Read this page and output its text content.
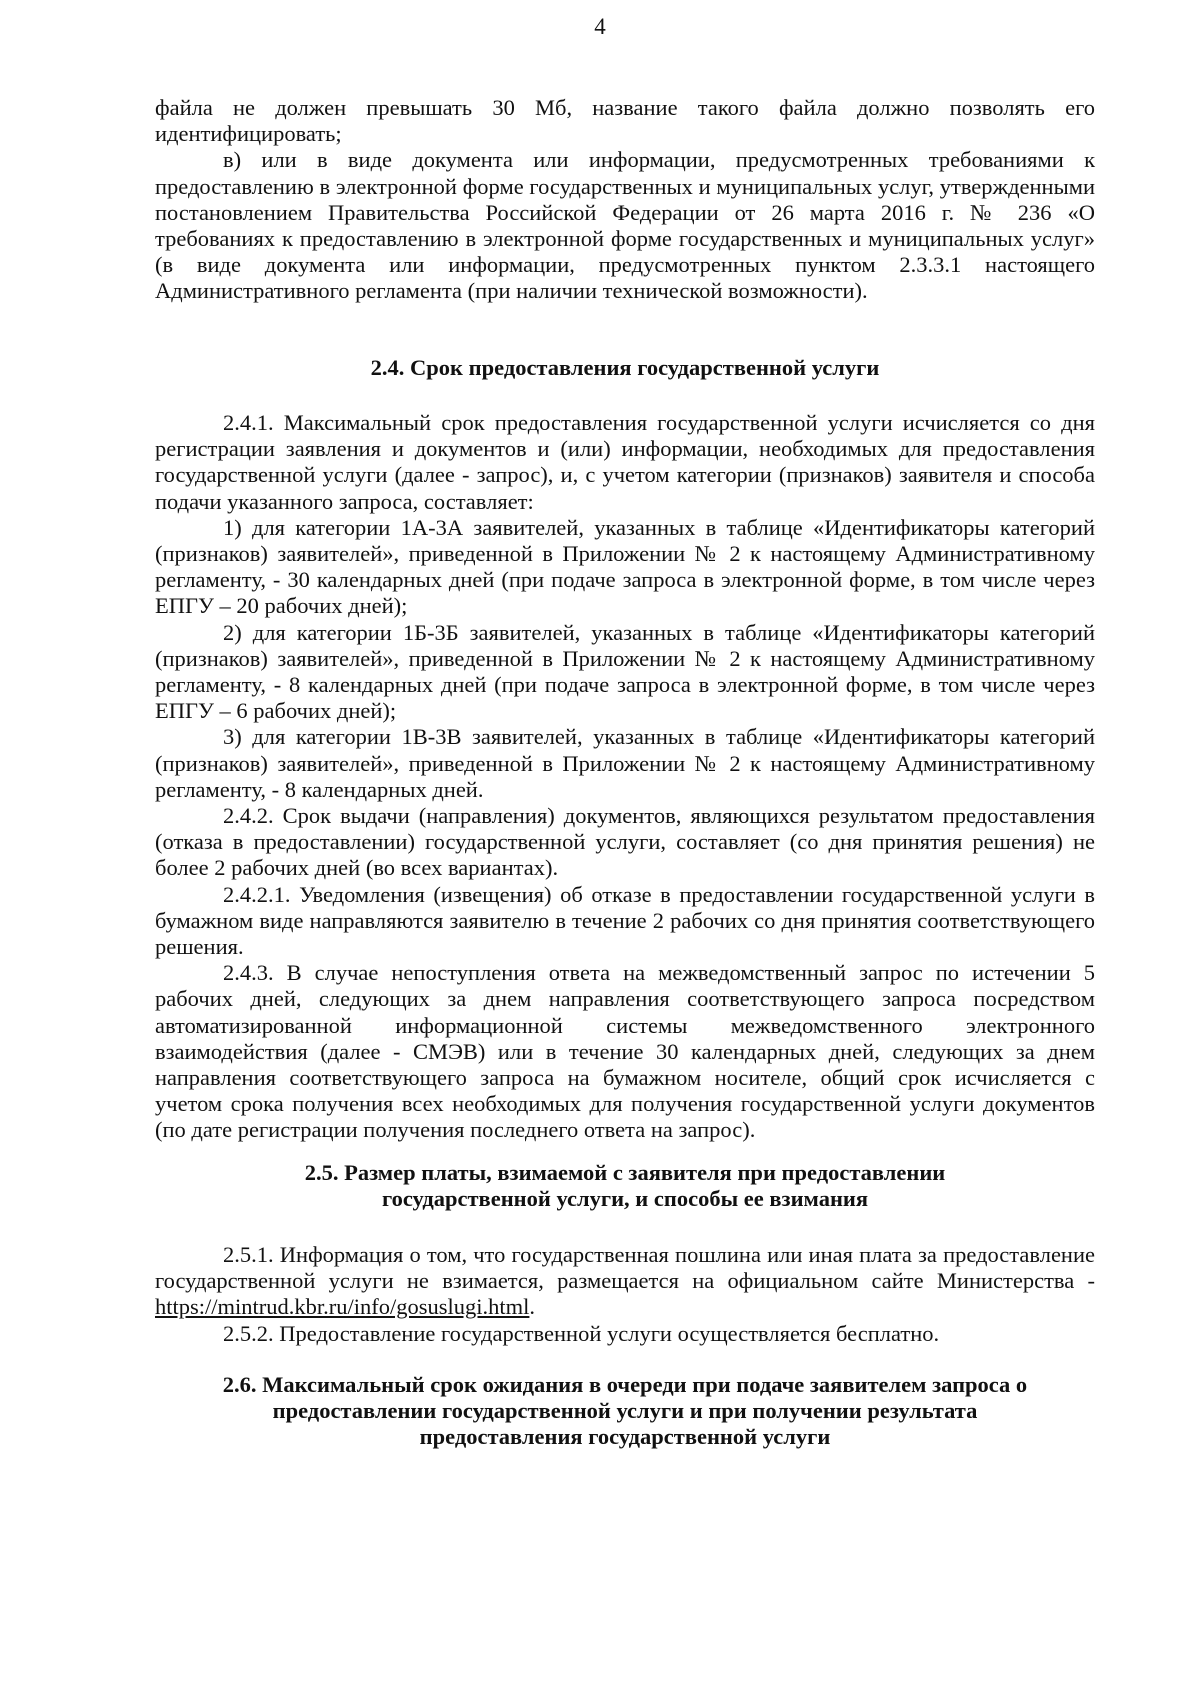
4

файла не должен превышать 30 Мб, название такого файла должно позволять его идентифицировать;

в) или в виде документа или информации, предусмотренных требованиями к предоставлению в электронной форме государственных и муниципальных услуг, утвержденными постановлением Правительства Российской Федерации от 26 марта 2016 г. № 236 «О требованиях к предоставлению в электронной форме государственных и муниципальных услуг» (в виде документа или информации, предусмотренных пунктом 2.3.3.1 настоящего Административного регламента (при наличии технической возможности).

2.4. Срок предоставления государственной услуги

2.4.1. Максимальный срок предоставления государственной услуги исчисляется со дня регистрации заявления и документов и (или) информации, необходимых для предоставления государственной услуги (далее - запрос), и, с учетом категории (признаков) заявителя и способа подачи указанного запроса, составляет:

1) для категории 1А-3А заявителей, указанных в таблице «Идентификаторы категорий (признаков) заявителей», приведенной в Приложении № 2 к настоящему Административному регламенту, - 30 календарных дней (при подаче запроса в электронной форме, в том числе через ЕПГУ – 20 рабочих дней);

2) для категории 1Б-3Б заявителей, указанных в таблице «Идентификаторы категорий (признаков) заявителей», приведенной в Приложении № 2 к настоящему Административному регламенту, - 8 календарных дней (при подаче запроса в электронной форме, в том числе через ЕПГУ – 6 рабочих дней);

3) для категории 1В-3В заявителей, указанных в таблице «Идентификаторы категорий (признаков) заявителей», приведенной в Приложении № 2 к настоящему Административному регламенту, - 8 календарных дней.

2.4.2. Срок выдачи (направления) документов, являющихся результатом предоставления (отказа в предоставлении) государственной услуги, составляет (со дня принятия решения) не более 2 рабочих дней (во всех вариантах).

2.4.2.1. Уведомления (извещения) об отказе в предоставлении государственной услуги в бумажном виде направляются заявителю в течение 2 рабочих со дня принятия соответствующего решения.

2.4.3. В случае непоступления ответа на межведомственный запрос по истечении 5 рабочих дней, следующих за днем направления соответствующего запроса посредством автоматизированной информационной системы межведомственного электронного взаимодействия (далее - СМЭВ) или в течение 30 календарных дней, следующих за днем направления соответствующего запроса на бумажном носителе, общий срок исчисляется с учетом срока получения всех необходимых для получения государственной услуги документов (по дате регистрации получения последнего ответа на запрос).

2.5. Размер платы, взимаемой с заявителя при предоставлении
государственной услуги, и способы ее взимания

2.5.1. Информация о том, что государственная пошлина или иная плата за предоставление государственной услуги не взимается, размещается на официальном сайте Министерства - https://mintrud.kbr.ru/info/gosuslugi.html.

2.5.2. Предоставление государственной услуги осуществляется бесплатно.

2.6. Максимальный срок ожидания в очереди при подаче заявителем запроса о
предоставлении государственной услуги и при получении результата
предоставления государственной услуги
